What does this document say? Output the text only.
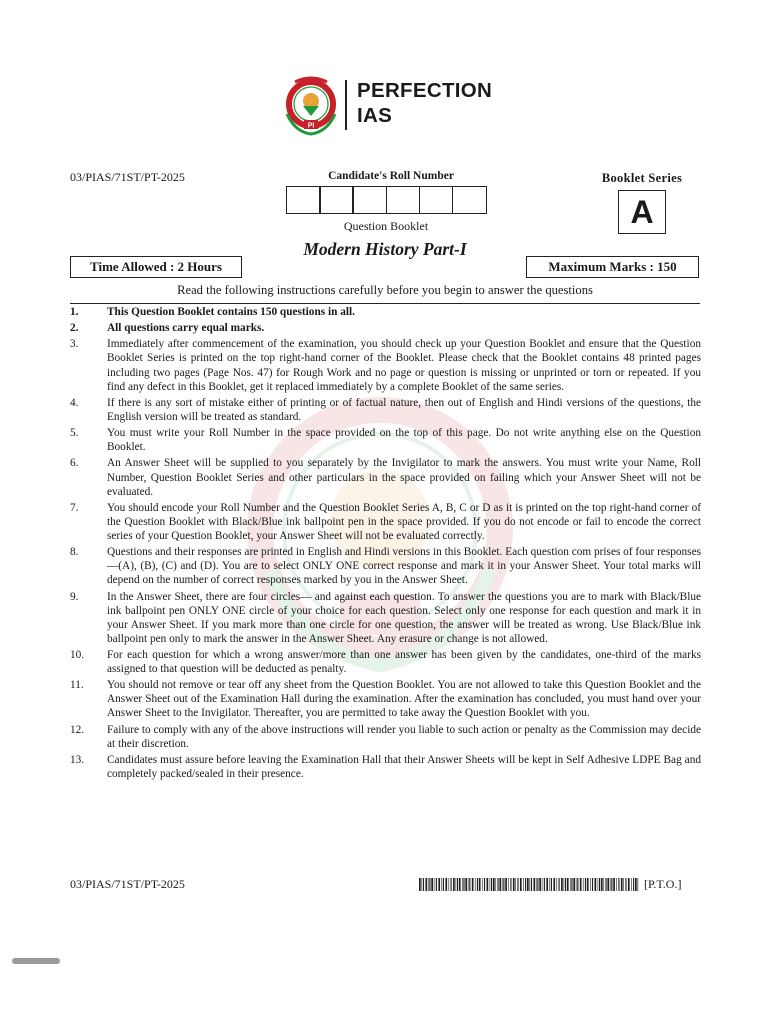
PI
PERFECTION
IAS
03/PIAS/71ST/PT-2025	Candidate's Roll Number
Question Booklet
Booklet Series
A
Modern History Part-I
Time Allowed : 2 Hours	Maximum Marks : 150
Read the following instructions carefully before you begin to answer the questions
1.	This Question Booklet contains 150 questions in all.
2.	All questions carry equal marks.
3.	Immediately after commencement of the examination, you should check up your Question Booklet and ensure that the Question Booklet Series is printed on the top right-hand corner of the Booklet. Please check that the Booklet contains 48 printed pages including two pages (Page Nos. 47) for Rough Work and no page or question is missing or unprinted or torn or repeated. If you find any defect in this Booklet, get it replaced immediately by a complete Booklet of the same series.
4.	If there is any sort of mistake either of printing or of factual nature, then out of English and Hindi versions of the questions, the English version will be treated as standard.
5.	You must write your Roll Number in the space provided on the top of this page. Do not write anything else on the Question Booklet.
6.	An Answer Sheet will be supplied to you separately by the Invigilator to mark the answers. You must write your Name, Roll Number, Question Booklet Series and other particulars in the space provided on failing which your Answer Sheet will not be evaluated.
7.	You should encode your Roll Number and the Question Booklet Series A, B, C or D as it is printed on the top right-hand corner of the Question Booklet with Black/Blue ink ballpoint pen in the space provided. If you do not encode or fail to encode the correct series of your Question Booklet, your Answer Sheet will not be evaluated correctly.
8.	Questions and their responses are printed in English and Hindi versions in this Booklet. Each question com prises of four responses—(A), (B), (C) and (D). You are to select ONLY ONE correct response and mark it in your Answer Sheet. Your total marks will depend on the number of correct responses marked by you in the Answer Sheet.
9.	In the Answer Sheet, there are four circles— and against each question. To answer the questions you are to mark with Black/Blue ink ballpoint pen ONLY ONE circle of your choice for each question. Select only one response for each question and mark it in your Answer Sheet. If you mark more than one circle for one question, the answer will be treated as wrong. Use Black/Blue ink ballpoint pen only to mark the answer in the Answer Sheet. Any erasure or change is not allowed.
10.	For each question for which a wrong answer/more than one answer has been given by the candidates, one-third of the marks assigned to that question will be deducted as penalty.
11.	You should not remove or tear off any sheet from the Question Booklet. You are not allowed to take this Question Booklet and the Answer Sheet out of the Examination Hall during the examination. After the examination has concluded, you must hand over your Answer Sheet to the Invigilator. Thereafter, you are permitted to take away the Question Booklet with you.
12.	Failure to comply with any of the above instructions will render you liable to such action or penalty as the Commission may decide at their discretion.
13.	Candidates must assure before leaving the Examination Hall that their Answer Sheets will be kept in Self Adhesive LDPE Bag and completely packed/sealed in their presence.
03/PIAS/71ST/PT-2025	[P.T.O.]
